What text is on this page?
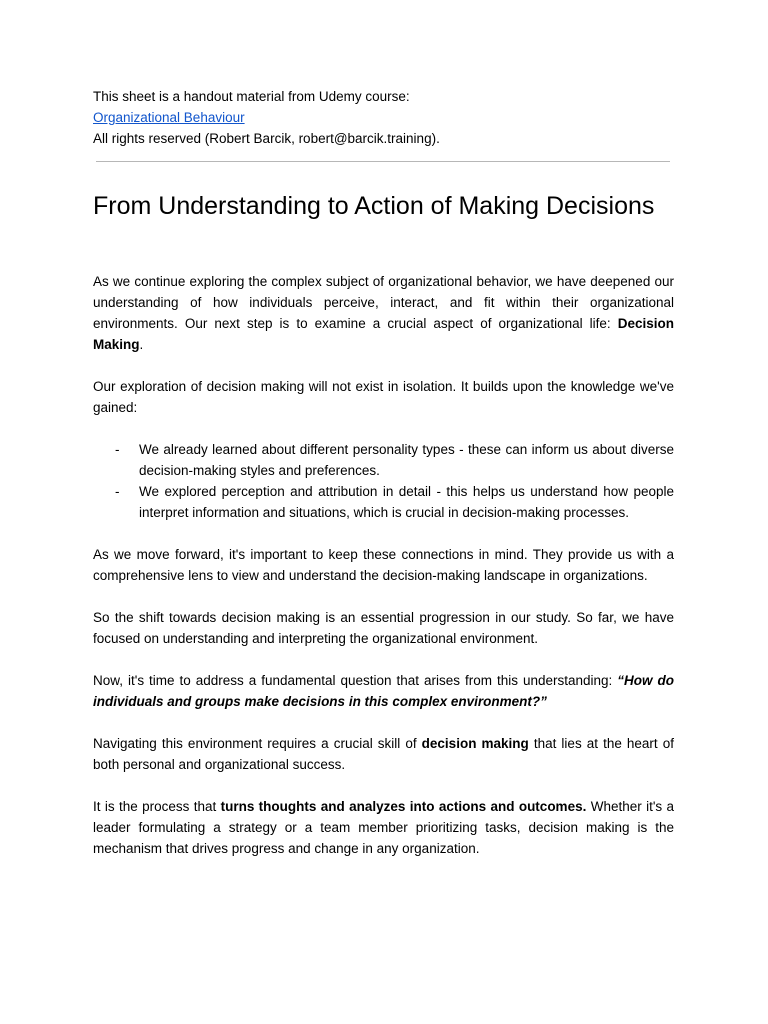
This sheet is a handout material from Udemy course:

Organizational Behaviour

All rights reserved (Robert Barcik, robert@barcik.training).

From Understanding to Action of Making Decisions

As we continue exploring the complex subject of organizational behavior, we have deepened our understanding of how individuals perceive, interact, and fit within their organizational environments. Our next step is to examine a crucial aspect of organizational life: Decision Making.

Our exploration of decision making will not exist in isolation. It builds upon the knowledge we've gained:

- We already learned about different personality types - these can inform us about diverse decision-making styles and preferences.
- We explored perception and attribution in detail - this helps us understand how people interpret information and situations, which is crucial in decision-making processes.

As we move forward, it's important to keep these connections in mind. They provide us with a comprehensive lens to view and understand the decision-making landscape in organizations.

So the shift towards decision making is an essential progression in our study. So far, we have focused on understanding and interpreting the organizational environment.

Now, it's time to address a fundamental question that arises from this understanding: “How do individuals and groups make decisions in this complex environment?”

Navigating this environment requires a crucial skill of decision making that lies at the heart of both personal and organizational success.

It is the process that turns thoughts and analyzes into actions and outcomes. Whether it's a leader formulating a strategy or a team member prioritizing tasks, decision making is the mechanism that drives progress and change in any organization.
